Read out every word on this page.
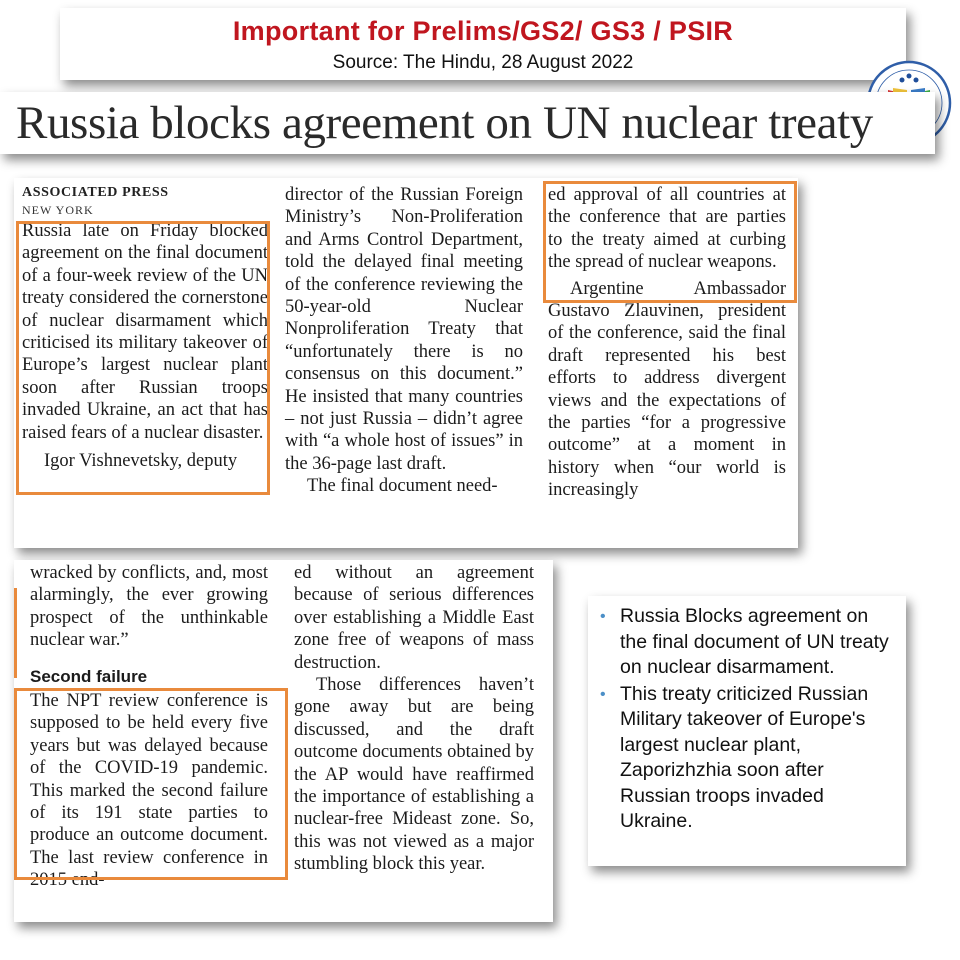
Important for Prelims/GS2/ GS3 / PSIR
Source: The Hindu, 28 August 2022
Russia blocks agreement on UN nuclear treaty
ASSOCIATED PRESS
NEW YORK

Russia late on Friday blocked agreement on the final document of a four-week review of the UN treaty considered the cornerstone of nuclear disarmament which criticised its military takeover of Europe’s largest nuclear plant soon after Russian troops invaded Ukraine, an act that has raised fears of a nuclear disaster.

Igor Vishnevetsky, deputy

director of the Russian Foreign Ministry’s Non-Proliferation and Arms Control Department, told the delayed final meeting of the conference reviewing the 50-year-old Nuclear Nonproliferation Treaty that “unfortunately there is no consensus on this document.” He insisted that many countries – not just Russia – didn’t agree with “a whole host of issues” in the 36-page last draft.

The final document need-

ed approval of all countries at the conference that are parties to the treaty aimed at curbing the spread of nuclear weapons.

Argentine Ambassador Gustavo Zlauvinen, president of the conference, said the final draft represented his best efforts to address divergent views and the expectations of the parties “for a progressive outcome” at a moment in history when “our world is increasingly

wracked by conflicts, and, most alarmingly, the ever growing prospect of the unthinkable nuclear war.”

Second failure

The NPT review conference is supposed to be held every five years but was delayed because of the COVID-19 pandemic. This marked the second failure of its 191 state parties to produce an outcome document. The last review conference in 2015 end-

ed without an agreement because of serious differences over establishing a Middle East zone free of weapons of mass destruction.

Those differences haven’t gone away but are being discussed, and the draft outcome documents obtained by the AP would have reaffirmed the importance of establishing a nuclear-free Mideast zone. So, this was not viewed as a major stumbling block this year.

• Russia Blocks agreement on the final document of UN treaty on nuclear disarmament.
• This treaty criticized Russian Military takeover of Europe's largest nuclear plant, Zaporizhzhia soon after Russian troops invaded Ukraine.
